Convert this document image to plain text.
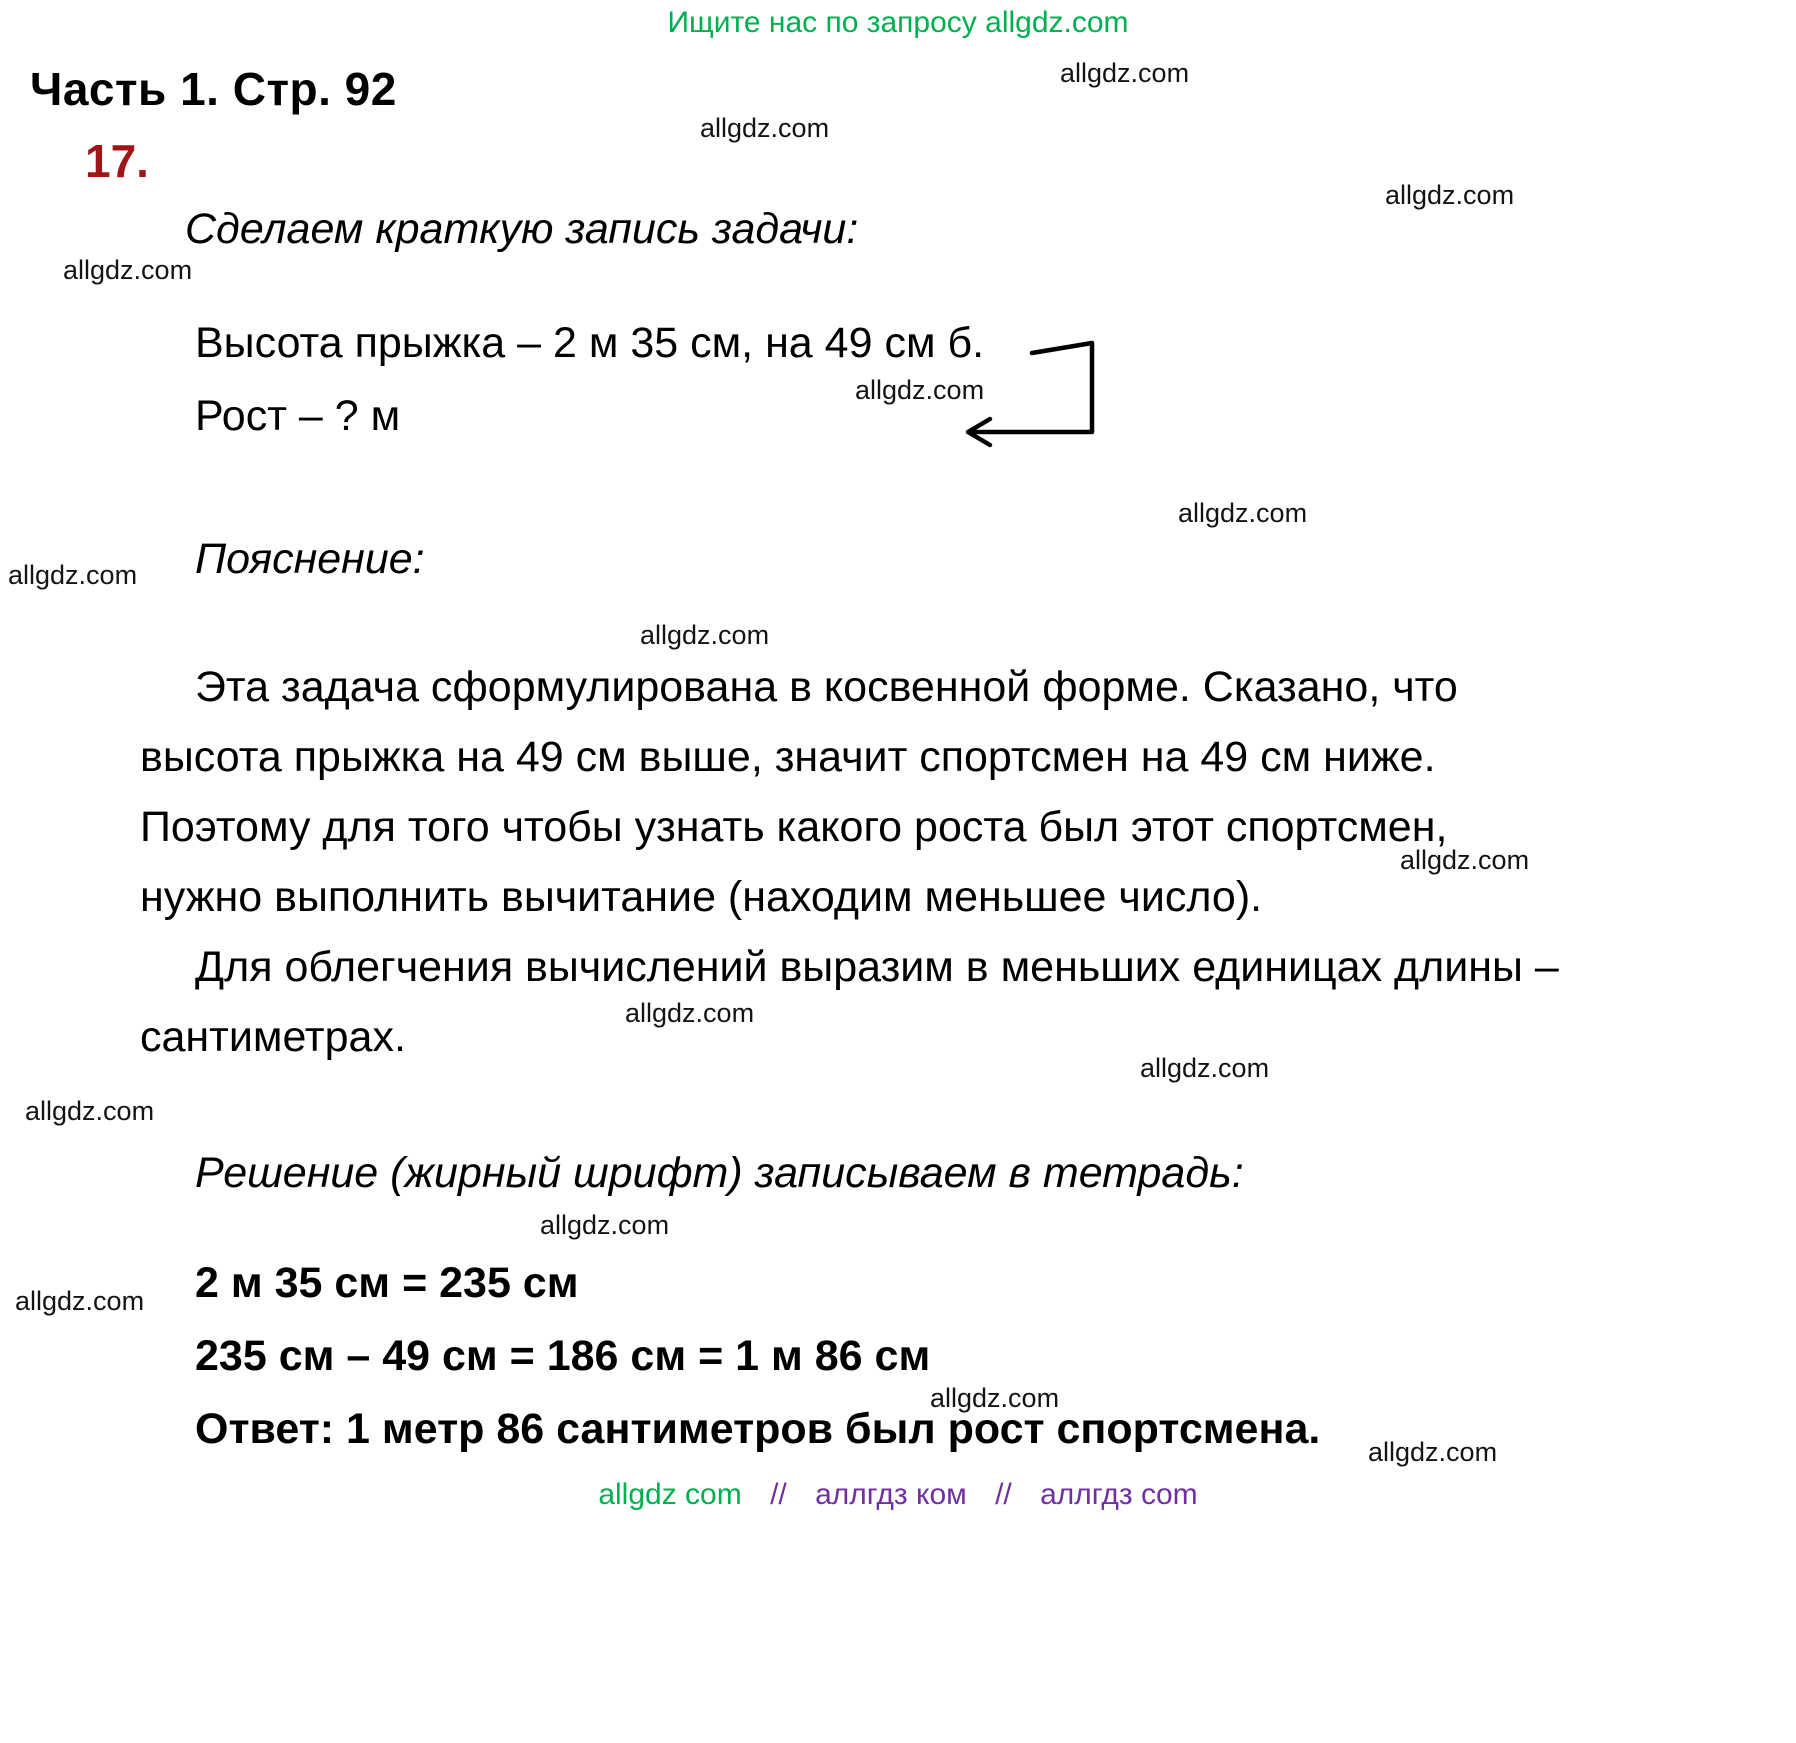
Ищите нас по запросу allgdz.com
allgdz.com
allgdz.com
allgdz.com
allgdz.com
allgdz.com
allgdz.com
allgdz.com
allgdz.com
allgdz.com
allgdz.com
allgdz.com
allgdz.com
allgdz.com
allgdz.com
allgdz.com
allgdz.com
Часть 1. Стр. 92
17.
Сделаем краткую запись задачи:
Высота прыжка – 2 м 35 см, на 49 см б.
Рост – ? м
Пояснение:
Эта задача сформулирована в косвенной форме. Сказано, что высота прыжка на 49 см выше, значит спортсмен на 49 см ниже. Поэтому для того чтобы узнать какого роста был этот спортсмен, нужно выполнить вычитание (находим меньшее число).
Для облегчения вычислений выразим в меньших единицах длины – сантиметрах.
Решение (жирный шрифт) записываем в тетрадь:
2 м 35 см = 235 см
235 см – 49 см = 186 см = 1 м 86 см
Ответ: 1 метр 86 сантиметров был рост спортсмена.
allgdz com // аллгдз ком // аллгдз com
